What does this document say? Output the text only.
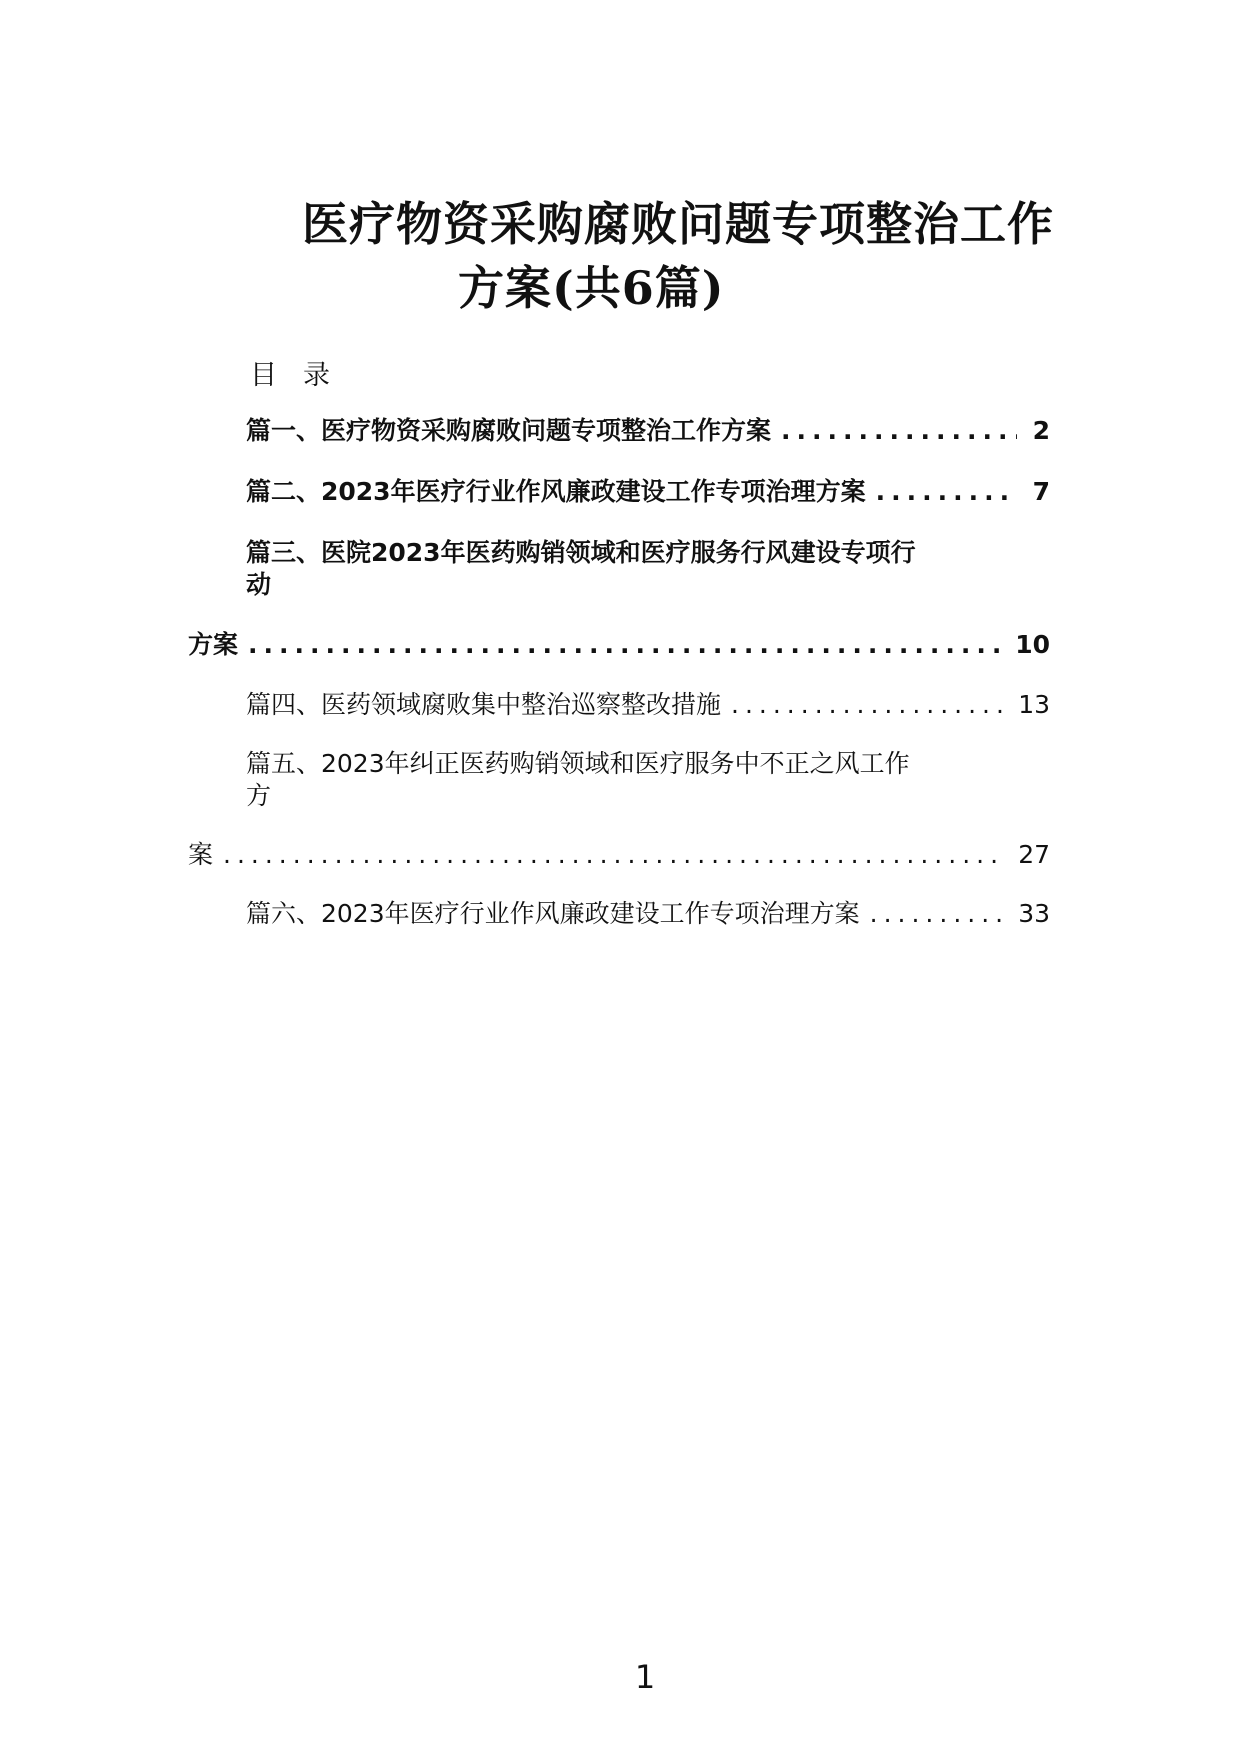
医疗物资采购腐败问题专项整治工作
方案(共6篇)
目录
篇一、医疗物资采购腐败问题专项整治工作方案 .....	2
篇二、2023年医疗行业作风廉政建设工作专项治理方案 .....	7
篇三、医院2023年医药购销领域和医疗服务行风建设专项行
动
方案 .....	10
篇四、医药领域腐败集中整治巡察整改措施 .....	13
篇五、2023年纠正医药购销领域和医疗服务中不正之风工作
方
案 .....	27
篇六、2023年医疗行业作风廉政建设工作专项治理方案 .....	33
1
